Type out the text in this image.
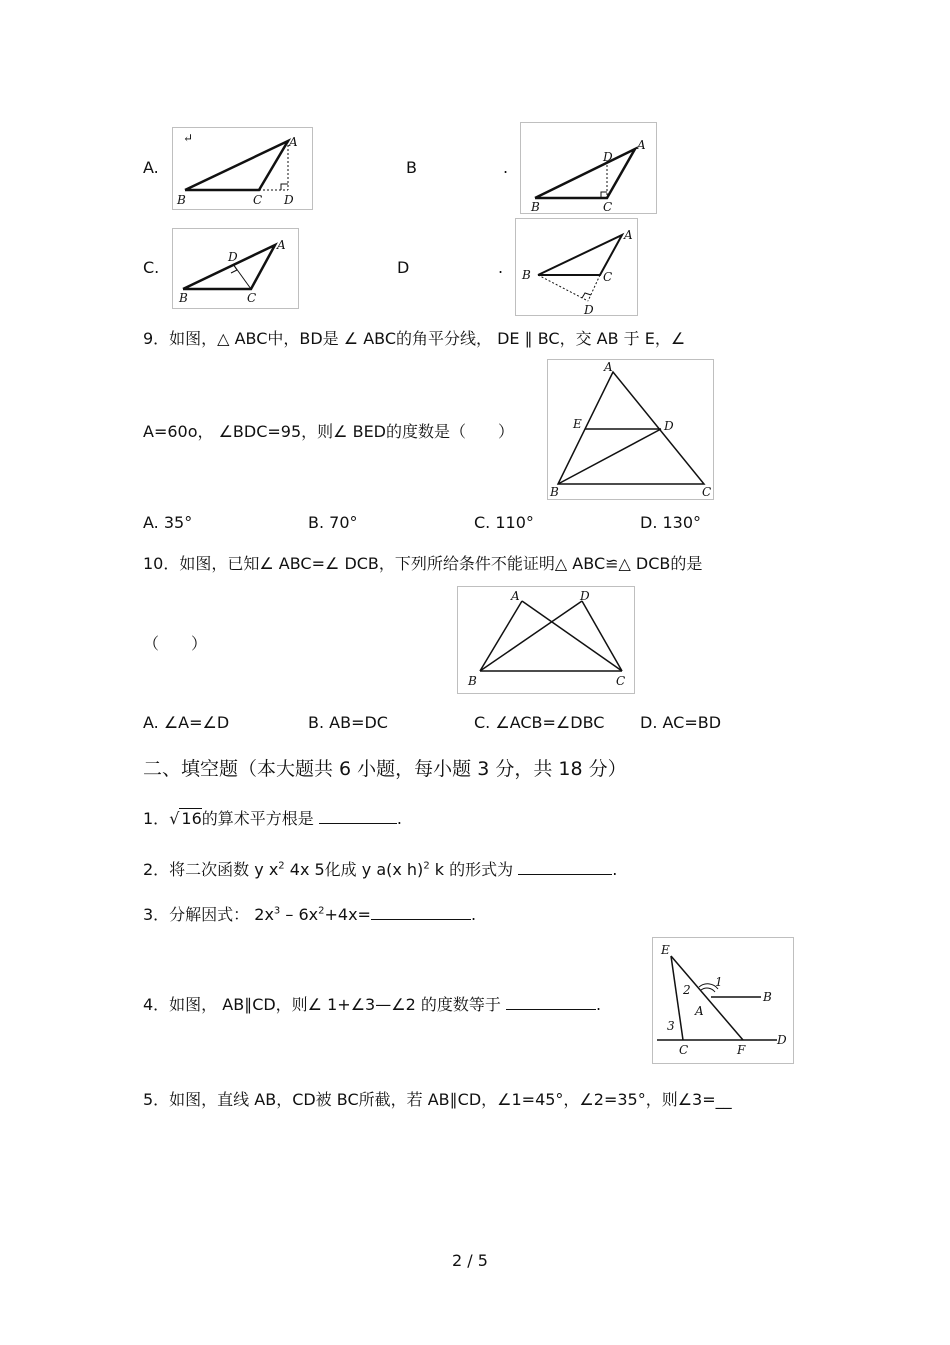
A.
↵	A
B	C D
B	.
A
D
B	C
C.
A
D
B	C
D	.
A
B	C
D
9．如图，△ ABC中，BD是 ∠ ABC的角平分线， DE ∥ BC，交 AB 于 E，∠
A=60o， ∠BDC=95，则∠ BED的度数是（　　）
A
E	D
B	C
A. 35°	B. 70°	C. 110°	D. 130°
10．如图，已知∠ ABC=∠ DCB，下列所给条件不能证明△ ABC≌△ DCB的是
（　　）
A	D
B	C
A. ∠A=∠D	B. AB=DC	C. ∠ACB=∠DBC D. AC=BD
二、填空题（本大题共 6 小题，每小题 3 分，共 18 分）
1．√ 16的算术平方根是	.
2．将二次函数 y $x^2$ 4x 5化成 y a(x h)$^2$ k 的形式为	.
3．分解因式： $2x^3 - 6x^2+4x=$	.
4．如图， AB∥CD，则∠ 1+∠3—∠2 的度数等于	.
E
1
2
A
B
3
C	F
D
5．如图，直线 AB，CD被 BC所截，若 AB∥CD，∠1=45°，∠2=35°，则∠3=__
2 / 5
